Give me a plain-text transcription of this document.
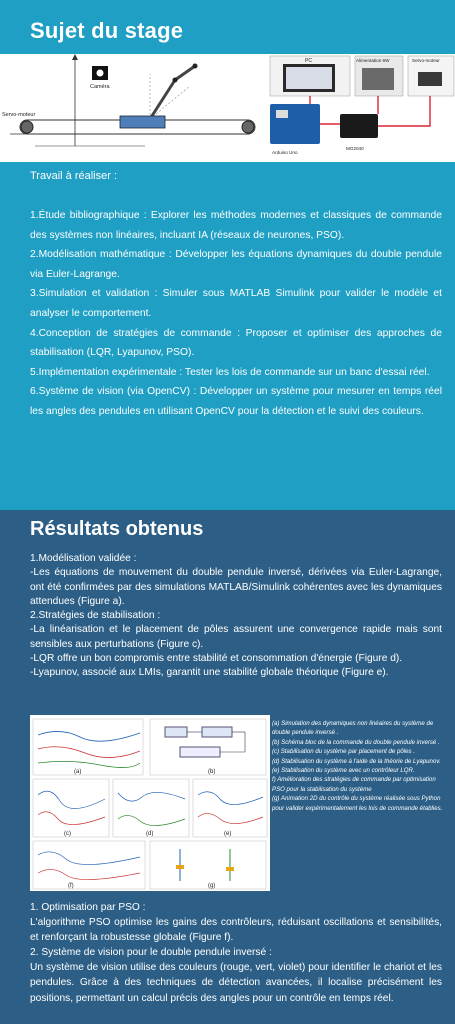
Sujet du stage
Caméra
Servo-moteur
PC	Alimentation 6W	Servo-moteur
Arduino Uno
MG2040
Travail à réaliser :
1.Étude bibliographique : Explorer les méthodes modernes et classiques de commande des systèmes non linéaires, incluant IA (réseaux de neurones, PSO).
2.Modélisation mathématique : Développer les équations dynamiques du double pendule via Euler-Lagrange.
3.Simulation et validation : Simuler sous MATLAB Simulink pour valider le modèle et analyser le comportement.
4.Conception de stratégies de commande : Proposer et optimiser des approches de stabilisation (LQR, Lyapunov, PSO).
5.Implémentation expérimentale : Tester les lois de commande sur un banc d'essai réel.
6.Système de vision (via OpenCV) : Développer un système pour mesurer en temps réel les angles des pendules en utilisant OpenCV pour la détection et le suivi des couleurs.
Résultats obtenus

1.Modélisation validée :

-Les équations de mouvement du double pendule inversé, dérivées via Euler-Lagrange, ont été confirmées par des simulations MATLAB/Simulink cohérentes avec les dynamiques attendues (Figure a).

2.Stratégies de stabilisation :

-La linéarisation et le placement de pôles assurent une convergence rapide mais sont sensibles aux perturbations (Figure c).

-LQR offre un bon compromis entre stabilité et consommation d'énergie (Figure d).

-Lyapunov, associé aux LMIs, garantit une stabilité globale théorique (Figure e).

(a)	(b)
(c)	(d)	(e)
(f)	(g)

(a) Simulation des dynamiques non linéaires du système de

double pendule inversé .

(b) Schéma bloc de la commande du double pendule inversé .

(c) Stabilisation du système par placement de pôles .

(d) Stabilisation du système à l'aide de la théorie de Lyapunov.

(e) Stabilisation du système avec un contrôleur LQR.

f) Amélioration des stratégies de commande par optimisation

PSO pour la stabilisation du système

(g) Animation 2D du contrôle du système réalisée sous Python

pour valider expérimentalement les lois de commande établies.

1. Optimisation par PSO :

L'algorithme PSO optimise les gains des contrôleurs, réduisant oscillations et sensibilités, et renforçant la robustesse globale (Figure f).

2. Système de vision pour le double pendule inversé :

Un système de vision utilise des couleurs (rouge, vert, violet) pour identifier le chariot et les pendules. Grâce à des techniques de détection avancées, il localise précisément les positions, permettant un calcul précis des angles pour un contrôle en temps réel.
